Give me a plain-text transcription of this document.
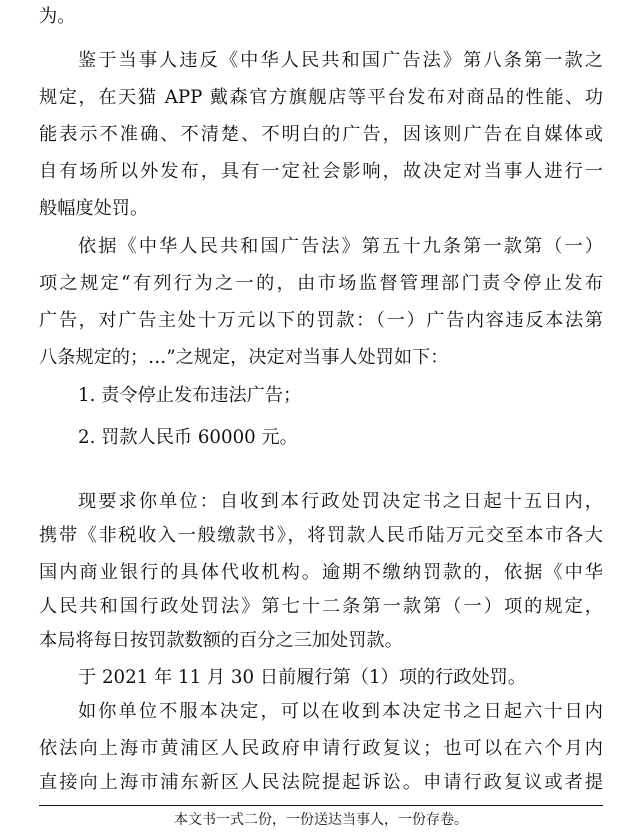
为。
鉴于当事人违反《中华人民共和国广告法》第八条第一款之
规定，在天猫 APP 戴森官方旗舰店等平台发布对商品的性能、功
能表示不准确、不清楚、不明白的广告，因该则广告在自媒体或
自有场所以外发布，具有一定社会影响，故决定对当事人进行一
般幅度处罚。
依据《中华人民共和国广告法》第五十九条第一款第（一）
项之规定“有列行为之一的，由市场监督管理部门责令停止发布
广告，对广告主处十万元以下的罚款：（一）广告内容违反本法第
八条规定的；…”之规定，决定对当事人处罚如下：
1. 责令停止发布违法广告；
2. 罚款人民币 60000 元。
现要求你单位：自收到本行政处罚决定书之日起十五日内，
携带《非税收入一般缴款书》，将罚款人民币陆万元交至本市各大
国内商业银行的具体代收机构。逾期不缴纳罚款的，依据《中华
人民共和国行政处罚法》第七十二条第一款第（一）项的规定，
本局将每日按罚款数额的百分之三加处罚款。
于 2021 年 11 月 30 日前履行第（1）项的行政处罚。
如你单位不服本决定，可以在收到本决定书之日起六十日内
依法向上海市黄浦区人民政府申请行政复议；也可以在六个月内
直接向上海市浦东新区人民法院提起诉讼。申请行政复议或者提
本文书一式二份，一份送达当事人，一份存卷。
